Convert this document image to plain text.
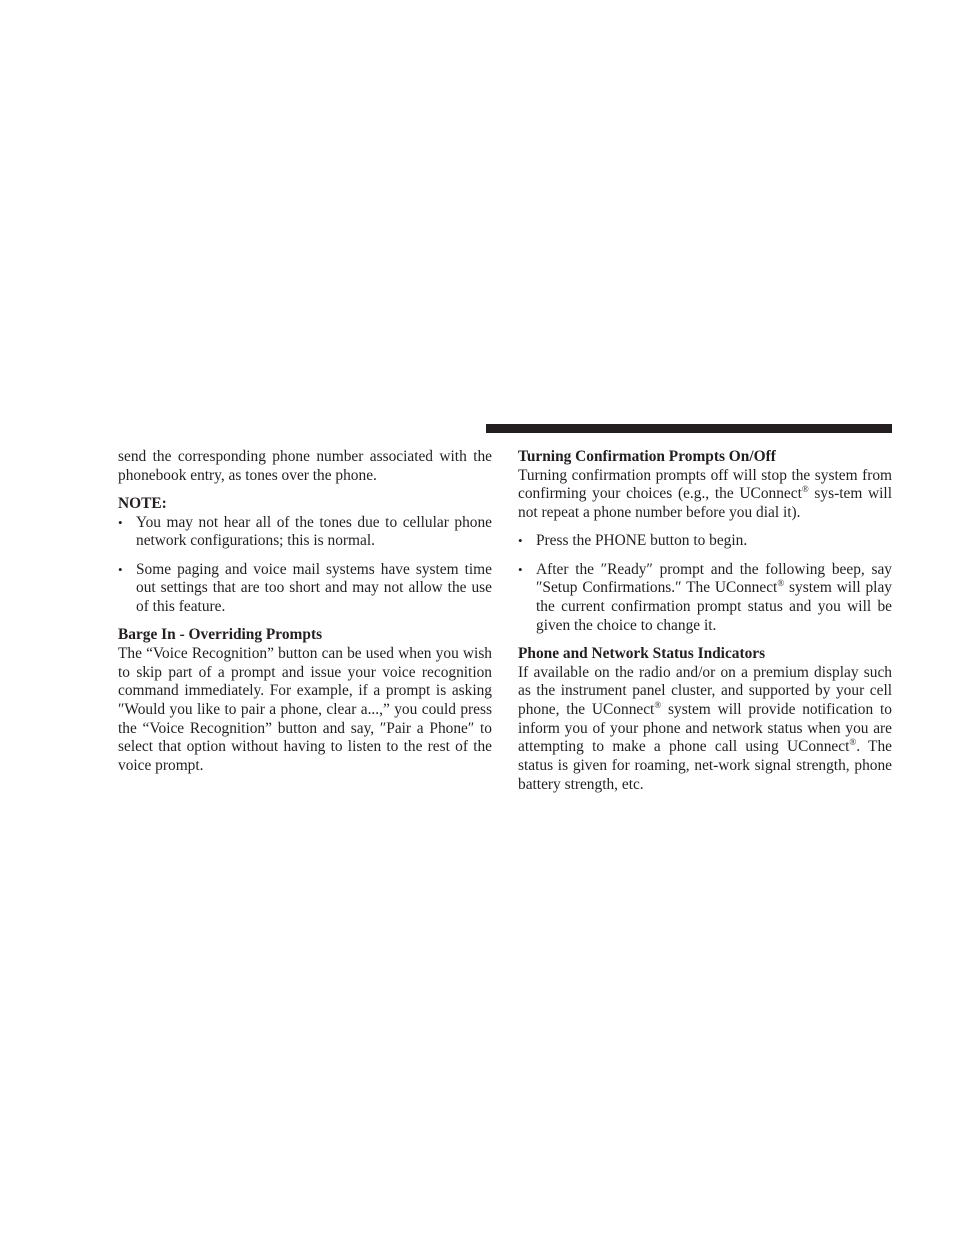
send the corresponding phone number associated with the phonebook entry, as tones over the phone.

NOTE:
• You may not hear all of the tones due to cellular phone network configurations; this is normal.
• Some paging and voice mail systems have system time out settings that are too short and may not allow the use of this feature.
Barge In - Overriding Prompts

The “Voice Recognition” button can be used when you wish to skip part of a prompt and issue your voice recognition command immediately. For example, if a prompt is asking ″Would you like to pair a phone, clear a...,” you could press the “Voice Recognition” button and say, ″Pair a Phone″ to select that option without having to listen to the rest of the voice prompt.

Turning Confirmation Prompts On/Off

Turning confirmation prompts off will stop the system from confirming your choices (e.g., the UConnect® sys-tem will not repeat a phone number before you dial it).

• Press the PHONE button to begin.
• After the ″Ready″ prompt and the following beep, say ″Setup Confirmations.″ The UConnect® system will play the current confirmation prompt status and you will be given the choice to change it.
Phone and Network Status Indicators

If available on the radio and/or on a premium display such as the instrument panel cluster, and supported by your cell phone, the UConnect® system will provide notification to inform you of your phone and network status when you are attempting to make a phone call using UConnect®. The status is given for roaming, net-work signal strength, phone battery strength, etc.
